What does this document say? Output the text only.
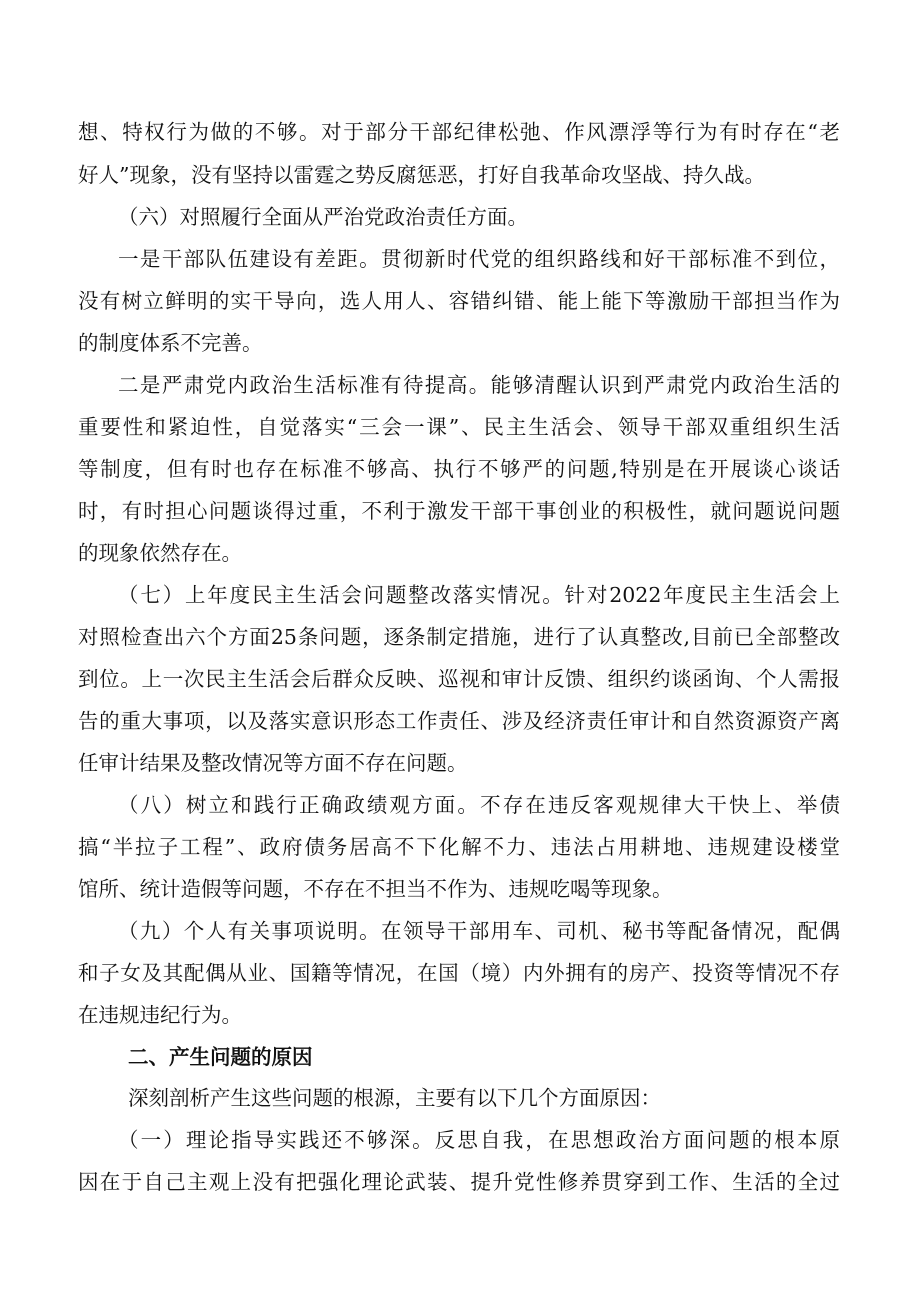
想、特权行为做的不够。对于部分干部纪律松弛、作风漂浮等行为有时存在“老
好人”现象，没有坚持以雷霆之势反腐惩恶，打好自我革命攻坚战、持久战。
（六）对照履行全面从严治党政治责任方面。
一是干部队伍建设有差距。贯彻新时代党的组织路线和好干部标准不到位，
没有树立鲜明的实干导向，选人用人、容错纠错、能上能下等激励干部担当作为
的制度体系不完善。
二是严肃党内政治生活标准有待提高。能够清醒认识到严肃党内政治生活的
重要性和紧迫性，自觉落实“三会一课”、民主生活会、领导干部双重组织生活
等制度，但有时也存在标准不够高、执行不够严的问题,特别是在开展谈心谈话
时，有时担心问题谈得过重，不利于激发干部干事创业的积极性，就问题说问题
的现象依然存在。
（七）上年度民主生活会问题整改落实情况。针对2022年度民主生活会上
对照检查出六个方面25条问题，逐条制定措施，进行了认真整改,目前已全部整改
到位。上一次民主生活会后群众反映、巡视和审计反馈、组织约谈函询、个人需报
告的重大事项，以及落实意识形态工作责任、涉及经济责任审计和自然资源资产离
任审计结果及整改情况等方面不存在问题。
（八）树立和践行正确政绩观方面。不存在违反客观规律大干快上、举债
搞“半拉子工程”、政府债务居高不下化解不力、违法占用耕地、违规建设楼堂
馆所、统计造假等问题，不存在不担当不作为、违规吃喝等现象。
（九）个人有关事项说明。在领导干部用车、司机、秘书等配备情况，配偶
和子女及其配偶从业、国籍等情况，在国（境）内外拥有的房产、投资等情况不存
在违规违纪行为。
二、产生问题的原因
深刻剖析产生这些问题的根源，主要有以下几个方面原因：
（一）理论指导实践还不够深。反思自我，在思想政治方面问题的根本原
因在于自己主观上没有把强化理论武装、提升党性修养贯穿到工作、生活的全过
